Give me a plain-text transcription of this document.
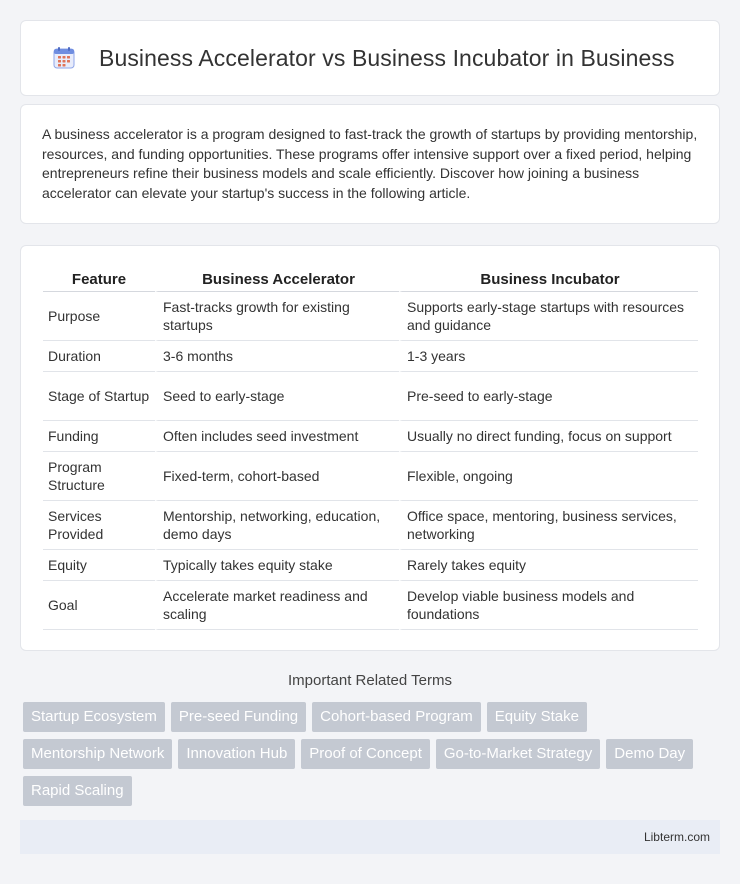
Business Accelerator vs Business Incubator in Business

A business accelerator is a program designed to fast-track the growth of startups by providing mentorship, resources, and funding opportunities. These programs offer intensive support over a fixed period, helping entrepreneurs refine their business models and scale efficiently. Discover how joining a business accelerator can elevate your startup's success in the following article.

Feature	Business Accelerator	Business Incubator
Purpose	Fast-tracks growth for existing startups	Supports early-stage startups with resources and guidance
Duration	3-6 months	1-3 years
Stage of Startup	Seed to early-stage	Pre-seed to early-stage
Funding	Often includes seed investment	Usually no direct funding, focus on support
Program Structure	Fixed-term, cohort-based	Flexible, ongoing
Services Provided	Mentorship, networking, education, demo days	Office space, mentoring, business services, networking
Equity	Typically takes equity stake	Rarely takes equity
Goal	Accelerate market readiness and scaling	Develop viable business models and foundations
Important Related Terms
Startup Ecosystem	Pre-seed Funding	Cohort-based Program	Equity Stake
Mentorship Network	Innovation Hub	Proof of Concept	Go-to-Market Strategy	Demo Day
Rapid Scaling
Libterm.com
